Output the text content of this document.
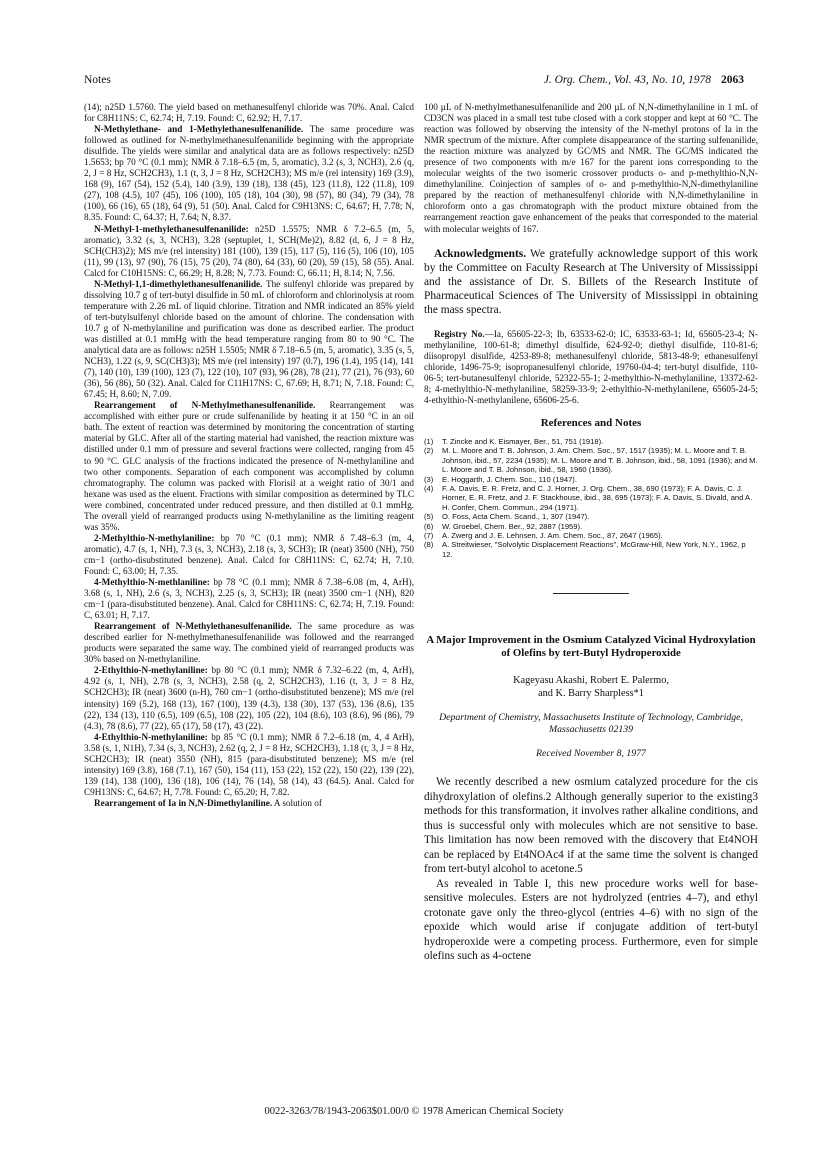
Notes	J. Org. Chem., Vol. 43, No. 10, 1978 2063

(14); n25D 1.5760. The yield based on methanesulfenyl chloride was 70%. Anal. Calcd for C8H11NS: C, 62.74; H, 7.19. Found: C, 62.92; H, 7.17.

N-Methylethane- and 1-Methylethanesulfenanilide. The same procedure was followed as outlined for N-methylmethanesulfenanilide beginning with the appropriate disulfide. The yields were similar and analytical data are as follows respectively: n25D 1.5653; bp 70 °C (0.1 mm); NMR δ 7.18–6.5 (m, 5, aromatic), 3.2 (s, 3, NCH3), 2.6 (q, 2, J = 8 Hz, SCH2CH3), 1.1 (t, 3, J = 8 Hz, SCH2CH3); MS m/e (rel intensity) 169 (3.9), 168 (9), 167 (54), 152 (5.4), 140 (3.9), 139 (18), 138 (45), 123 (11.8), 122 (11.8), 109 (27), 108 (4.5), 107 (45), 106 (100), 105 (18), 104 (30), 98 (57), 80 (34), 79 (34), 78 (100), 66 (16), 65 (18), 64 (9), 51 (50). Anal. Calcd for C9H13NS: C, 64.67; H, 7.78; N, 8.35. Found: C, 64.37; H, 7.64; N, 8.37.

N-Methyl-1-methylethanesulfenanilide: n25D 1.5575; NMR δ 7.2–6.5 (m, 5, aromatic), 3.32 (s, 3, NCH3), 3.28 (septuplet, 1, SCH(Me)2), 8.82 (d, 6, J = 8 Hz, SCH(CH3)2); MS m/e (rel intensity) 181 (100), 139 (15), 117 (5), 116 (5), 106 (10), 105 (11), 99 (13), 97 (90), 76 (15), 75 (20), 74 (80), 64 (33), 60 (20), 59 (15), 58 (55). Anal. Calcd for C10H15NS: C, 66.29; H, 8.28; N, 7.73. Found: C, 66.11; H, 8.14; N, 7.56.

N-Methyl-1,1-dimethylethanesulfenanilide. The sulfenyl chloride was prepared by dissolving 10.7 g of tert-butyl disulfide in 50 mL of chloroform and chlorinolysis at room temperature with 2.26 mL of liquid chlorine. Titration and NMR indicated an 85% yield of tert-butylsulfenyl chloride based on the amount of chlorine. The condensation with 10.7 g of N-methylaniline and purification was done as described earlier. The product was distilled at 0.1 mmHg with the head temperature ranging from 80 to 90 °C. The analytical data are as follows: n25H 1.5505; NMR δ 7.18–6.5 (m, 5, aromatic), 3.35 (s, 5, NCH3), 1.22 (s, 9, SC(CH3)3); MS m/e (rel intensity) 197 (0.7), 196 (1.4), 195 (14), 141 (7), 140 (10), 139 (100), 123 (7), 122 (10), 107 (93), 96 (28), 78 (21), 77 (21), 76 (93), 60 (36), 56 (86), 50 (32). Anal. Calcd for C11H17NS: C, 67.69; H, 8.71; N, 7.18. Found: C, 67.45; H, 8.60; N, 7.09.

Rearrangement of N-Methylmethanesulfenanilide. Rearrangement was accomplished with either pure or crude sulfenanilide by heating it at 150 °C in an oil bath. The extent of reaction was determined by monitoring the concentration of starting material by GLC. After all of the starting material had vanished, the reaction mixture was distilled under 0.1 mm of pressure and several fractions were collected, ranging from 45 to 90 °C. GLC analysis of the fractions indicated the presence of N-methylaniline and two other components. Separation of each component was accomplished by column chromatography. The column was packed with Florisil at a weight ratio of 30/1 and hexane was used as the eluent. Fractions with similar composition as determined by TLC were combined, concentrated under reduced pressure, and then distilled at 0.1 mmHg. The overall yield of rearranged products using N-methylaniline as the limiting reagent was 35%.

2-Methylthio-N-methylaniline: bp 70 °C (0.1 mm); NMR δ 7.48–6.3 (m, 4, aromatic), 4.7 (s, 1, NH), 7.3 (s, 3, NCH3), 2.18 (s, 3, SCH3); IR (neat) 3500 (NH), 750 cm−1 (ortho-disubstituted benzene). Anal. Calcd for C8H11NS: C, 62.74; H, 7.10. Found: C, 63.00; H, 7.35.

4-Methylthio-N-methlaniline: bp 78 °C (0.1 mm); NMR δ 7.38–6.08 (m, 4, ArH), 3.68 (s, 1, NH), 2.6 (s, 3, NCH3), 2.25 (s, 3, SCH3); IR (neat) 3500 cm−1 (NH), 820 cm−1 (para-disubstituted benzene). Anal. Calcd for C8H11NS: C, 62.74; H, 7.19. Found: C, 63.01; H, 7.17.

Rearrangement of N-Methylethanesulfenanilide. The same procedure as was described earlier for N-methylmethanesulfenanilide was followed and the rearranged products were separated the same way. The combined yield of rearranged products was 30% based on N-methylaniline.

2-Ethylthio-N-methylaniline: bp 80 °C (0.1 mm); NMR δ 7.32–6.22 (m, 4, ArH), 4.92 (s, 1, NH), 2.78 (s, 3, NCH3), 2.58 (q, 2, SCH2CH3), 1.16 (t, 3, J = 8 Hz, SCH2CH3); IR (neat) 3600 (n-H), 760 cm−1 (ortho-disubstituted benzene); MS m/e (rel intensity) 169 (5.2), 168 (13), 167 (100), 139 (4.3), 138 (30), 137 (53), 136 (8.6), 135 (22), 134 (13), 110 (6.5), 109 (6.5), 108 (22), 105 (22), 104 (8.6), 103 (8.6), 96 (86), 79 (4.3), 78 (8.6), 77 (22), 65 (17), 58 (17), 43 (22).

4-Ethylthio-N-methylaniline: bp 85 °C (0.1 mm); NMR δ 7.2–6.18 (m, 4, 4 ArH), 3.58 (s, 1, N1H), 7.34 (s, 3, NCH3), 2.62 (q, 2, J = 8 Hz, SCH2CH3), 1.18 (t, 3, J = 8 Hz, SCH2CH3); IR (neat) 3550 (NH), 815 (para-disubstituted benzene); MS m/e (rel intensity) 169 (3.8), 168 (7.1), 167 (50), 154 (11), 153 (22), 152 (22), 150 (22), 139 (22), 139 (14), 138 (100), 136 (18), 106 (14), 76 (14), 58 (14), 43 (64.5). Anal. Calcd for C9H13NS: C, 64.67; H, 7.78. Found: C, 65.20; H, 7.82.

Rearrangement of Ia in N,N-Dimethylaniline. A solution of

100 µL of N-methylmethanesulfenanilide and 200 µL of N,N-dimethylaniline in 1 mL of CD3CN was placed in a small test tube closed with a cork stopper and kept at 60 °C. The reaction was followed by observing the intensity of the N-methyl protons of Ia in the NMR spectrum of the mixture. After complete disappearance of the starting sulfenanilide, the reaction mixture was analyzed by GC/MS and NMR. The GC/MS indicated the presence of two components with m/e 167 for the parent ions corresponding to the molecular weights of the two isomeric crossover products o- and p-methylthio-N,N-dimethylaniline. Coinjection of samples of o- and p-methylthio-N,N-dimethylaniline prepared by the reaction of methanesulfenyl chloride with N,N-dimethylaniline in chloroform onto a gas chromatograph with the product mixture obtained from the rearrangement reaction gave enhancement of the peaks that corresponded to the material with molecular weights of 167.

Acknowledgments. We gratefully acknowledge support of this work by the Committee on Faculty Research at The University of Mississippi and the assistance of Dr. S. Billets of the Research Institute of Pharmaceutical Sciences of The University of Mississippi in obtaining the mass spectra.

Registry No.—Ia, 65605-22-3; Ib, 63533-62-0; IC, 63533-63-1; Id, 65605-23-4; N-methylaniline, 100-61-8; dimethyl disulfide, 624-92-0; diethyl disulfide, 110-81-6; diisopropyl disulfide, 4253-89-8; methanesulfenyl chloride, 5813-48-9; ethanesulfenyl chloride, 1496-75-9; isopropanesulfenyl chloride, 19760-04-4; tert-butyl disulfide, 110-06-5; tert-butanesulfenyl chloride, 52322-55-1; 2-methylthio-N-methylaniline, 13372-62-8; 4-methylthio-N-methylaniline, 58259-33-9; 2-ethylthio-N-methylanilene, 65605-24-5; 4-ethylthio-N-methylanilene, 65606-25-6.

References and Notes
(1)	T. Zincke and K. Eismayer, Ber., 51, 751 (1918).
(2)	M. L. Moore and T. B. Johnson, J. Am. Chem. Soc., 57, 1517 (1935); M. L. Moore and T. B. Johnson, ibid., 57, 2234 (1935); M. L. Moore and T. B. Johnson, ibid., 58, 1091 (1936); and M. L. Moore and T. B. Johnson, ibid., 58, 1960 (1936).
(3)	E. Hoggarth, J. Chem. Soc., 110 (1947).
(4)	F. A. Davis, E. R. Fretz, and C. J. Horner, J. Org. Chem., 38, 690 (1973); F. A. Davis, C. J. Horner, E. R. Fretz, and J. F. Stackhouse, ibid., 38, 695 (1973); F. A. Davis, S. Divald, and A. H. Confer, Chem. Commun., 294 (1971).
(5)	O. Foss, Acta Chem. Scand., 1, 307 (1947).
(6)	W. Groebel, Chem. Ber., 92, 2887 (1959).
(7)	A. Zwerg and J. E. Lehnsen, J. Am. Chem. Soc., 87, 2647 (1965).
(8)	A. Streitwieser, "Solvolytic Displacement Reactions", McGraw-Hill, New York, N.Y., 1962, p 12.
A Major Improvement in the Osmium Catalyzed Vicinal Hydroxylation of Olefins by tert-Butyl Hydroperoxide
Kageyasu Akashi, Robert E. Palermo,
and K. Barry Sharpless*1
Department of Chemistry, Massachusetts Institute of Technology, Cambridge, Massachusetts 02139
Received November 8, 1977

We recently described a new osmium catalyzed procedure for the cis dihydroxylation of olefins.2 Although generally superior to the existing3 methods for this transformation, it involves rather alkaline conditions, and thus is successful only with molecules which are not sensitive to base. This limitation has now been removed with the discovery that Et4NOH can be replaced by Et4NOAc4 if at the same time the solvent is changed from tert-butyl alcohol to acetone.5

As revealed in Table I, this new procedure works well for base-sensitive molecules. Esters are not hydrolyzed (entries 4–7), and ethyl crotonate gave only the threo-glycol (entries 4–6) with no sign of the epoxide which would arise if conjugate addition of tert-butyl hydroperoxide were a competing process. Furthermore, even for simple olefins such as 4-octene

0022-3263/78/1943-2063$01.00/0 © 1978 American Chemical Society
